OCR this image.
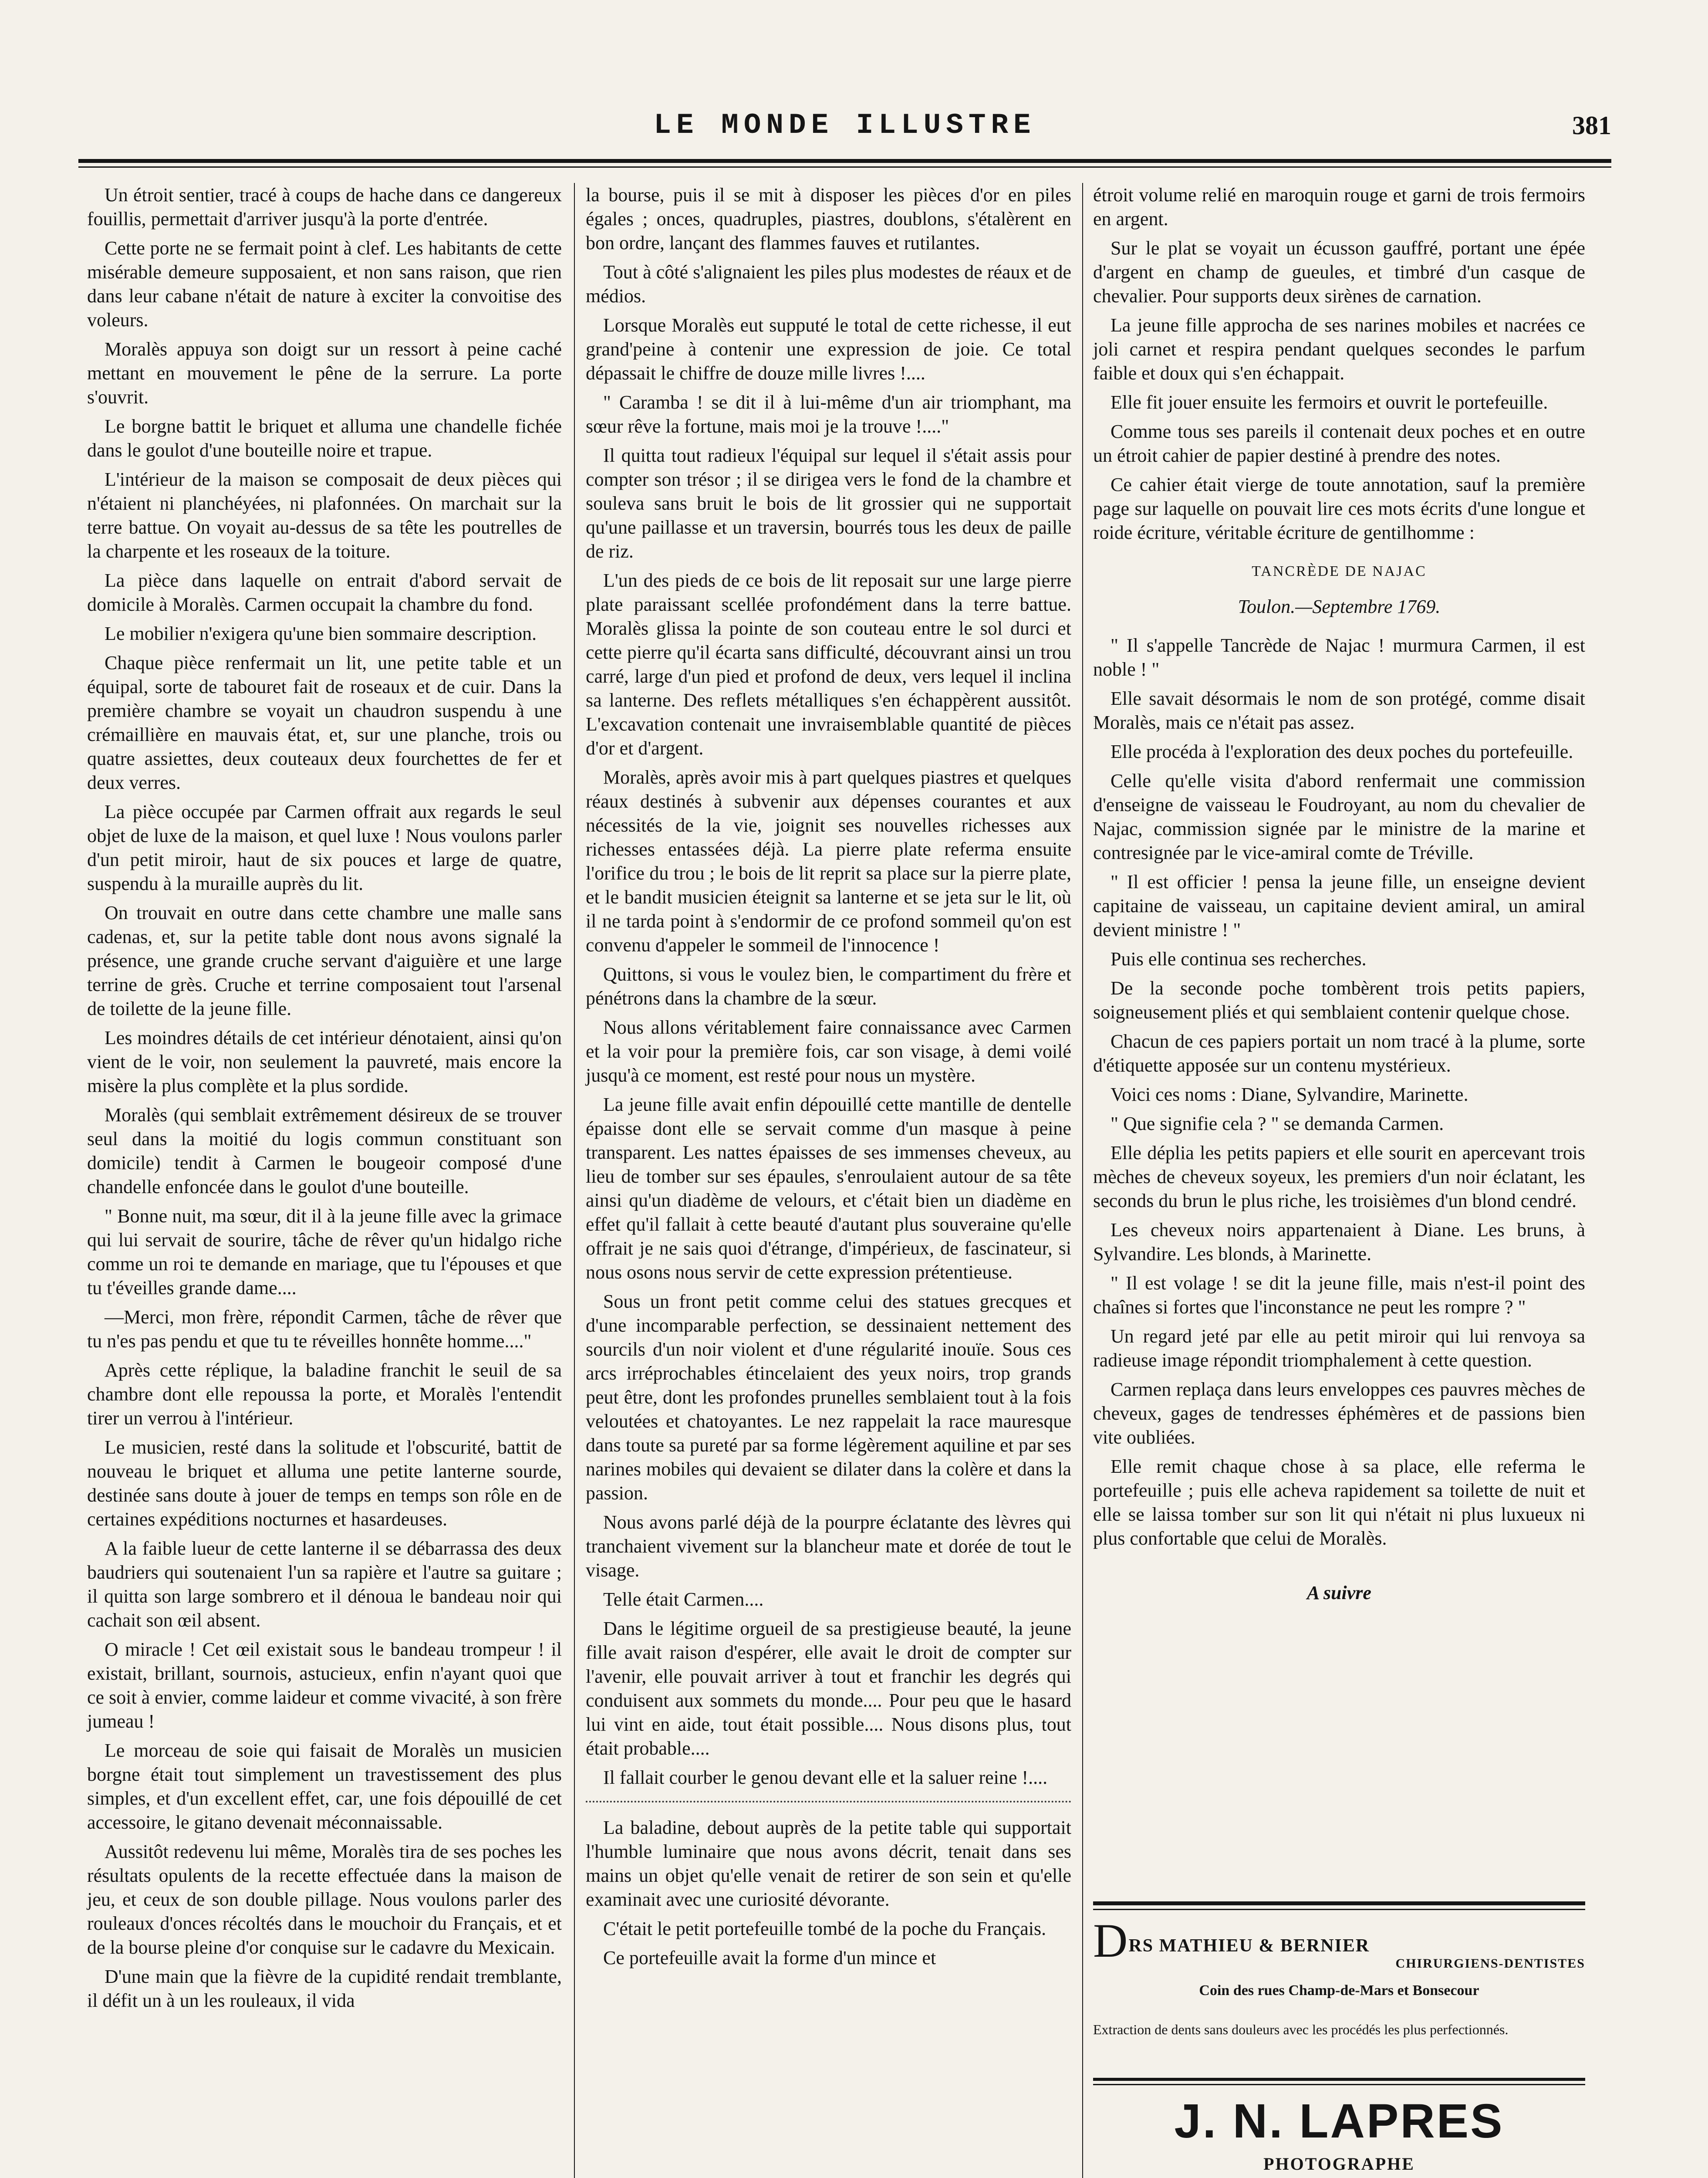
LE MONDE ILLUSTRE	381

Un étroit sentier, tracé à coups de hache dans ce dangereux fouillis, permettait d'arriver jusqu'à la porte d'entrée.

Cette porte ne se fermait point à clef. Les habitants de cette misérable demeure supposaient, et non sans raison, que rien dans leur cabane n'était de nature à exciter la convoitise des voleurs.

Moralès appuya son doigt sur un ressort à peine caché mettant en mouvement le pêne de la serrure. La porte s'ouvrit.

Le borgne battit le briquet et alluma une chandelle fichée dans le goulot d'une bouteille noire et trapue.

L'intérieur de la maison se composait de deux pièces qui n'étaient ni planchéyées, ni plafonnées. On marchait sur la terre battue. On voyait au-dessus de sa tête les poutrelles de la charpente et les roseaux de la toiture.

La pièce dans laquelle on entrait d'abord servait de domicile à Moralès. Carmen occupait la chambre du fond.

Le mobilier n'exigera qu'une bien sommaire description.

Chaque pièce renfermait un lit, une petite table et un équipal, sorte de tabouret fait de roseaux et de cuir. Dans la première chambre se voyait un chaudron suspendu à une crémaillière en mauvais état, et, sur une planche, trois ou quatre assiettes, deux couteaux deux fourchettes de fer et deux verres.

La pièce occupée par Carmen offrait aux regards le seul objet de luxe de la maison, et quel luxe ! Nous voulons parler d'un petit miroir, haut de six pouces et large de quatre, suspendu à la muraille auprès du lit.

On trouvait en outre dans cette chambre une malle sans cadenas, et, sur la petite table dont nous avons signalé la présence, une grande cruche servant d'aiguière et une large terrine de grès. Cruche et terrine composaient tout l'arsenal de toilette de la jeune fille.

Les moindres détails de cet intérieur dénotaient, ainsi qu'on vient de le voir, non seulement la pauvreté, mais encore la misère la plus complète et la plus sordide.

Moralès (qui semblait extrêmement désireux de se trouver seul dans la moitié du logis commun constituant son domicile) tendit à Carmen le bougeoir composé d'une chandelle enfoncée dans le goulot d'une bouteille.

" Bonne nuit, ma sœur, dit il à la jeune fille avec la grimace qui lui servait de sourire, tâche de rêver qu'un hidalgo riche comme un roi te demande en mariage, que tu l'épouses et que tu t'éveilles grande dame....

—Merci, mon frère, répondit Carmen, tâche de rêver que tu n'es pas pendu et que tu te réveilles honnête homme...."

Après cette réplique, la baladine franchit le seuil de sa chambre dont elle repoussa la porte, et Moralès l'entendit tirer un verrou à l'intérieur.

Le musicien, resté dans la solitude et l'obscurité, battit de nouveau le briquet et alluma une petite lanterne sourde, destinée sans doute à jouer de temps en temps son rôle en de certaines expéditions nocturnes et hasardeuses.

A la faible lueur de cette lanterne il se débarrassa des deux baudriers qui soutenaient l'un sa rapière et l'autre sa guitare ; il quitta son large sombrero et il dénoua le bandeau noir qui cachait son œil absent.

O miracle ! Cet œil existait sous le bandeau trompeur ! il existait, brillant, sournois, astucieux, enfin n'ayant quoi que ce soit à envier, comme laideur et comme vivacité, à son frère jumeau !

Le morceau de soie qui faisait de Moralès un musicien borgne était tout simplement un travestissement des plus simples, et d'un excellent effet, car, une fois dépouillé de cet accessoire, le gitano devenait méconnaissable.

Aussitôt redevenu lui même, Moralès tira de ses poches les résultats opulents de la recette effectuée dans la maison de jeu, et ceux de son double pillage. Nous voulons parler des rouleaux d'onces récoltés dans le mouchoir du Français, et et de la bourse pleine d'or conquise sur le cadavre du Mexicain.

D'une main que la fièvre de la cupidité rendait tremblante, il défit un à un les rouleaux, il vida

la bourse, puis il se mit à disposer les pièces d'or en piles égales ; onces, quadruples, piastres, doublons, s'étalèrent en bon ordre, lançant des flammes fauves et rutilantes.

Tout à côté s'alignaient les piles plus modestes de réaux et de médios.

Lorsque Moralès eut supputé le total de cette richesse, il eut grand'peine à contenir une expression de joie. Ce total dépassait le chiffre de douze mille livres !....

" Caramba ! se dit il à lui-même d'un air triomphant, ma sœur rêve la fortune, mais moi je la trouve !...."

Il quitta tout radieux l'équipal sur lequel il s'était assis pour compter son trésor ; il se dirigea vers le fond de la chambre et souleva sans bruit le bois de lit grossier qui ne supportait qu'une paillasse et un traversin, bourrés tous les deux de paille de riz.

L'un des pieds de ce bois de lit reposait sur une large pierre plate paraissant scellée profondément dans la terre battue. Moralès glissa la pointe de son couteau entre le sol durci et cette pierre qu'il écarta sans difficulté, découvrant ainsi un trou carré, large d'un pied et profond de deux, vers lequel il inclina sa lanterne. Des reflets métalliques s'en échappèrent aussitôt. L'excavation contenait une invraisemblable quantité de pièces d'or et d'argent.

Moralès, après avoir mis à part quelques piastres et quelques réaux destinés à subvenir aux dépenses courantes et aux nécessités de la vie, joignit ses nouvelles richesses aux richesses entassées déjà. La pierre plate referma ensuite l'orifice du trou ; le bois de lit reprit sa place sur la pierre plate, et le bandit musicien éteignit sa lanterne et se jeta sur le lit, où il ne tarda point à s'endormir de ce profond sommeil qu'on est convenu d'appeler le sommeil de l'innocence !

Quittons, si vous le voulez bien, le compartiment du frère et pénétrons dans la chambre de la sœur.

Nous allons véritablement faire connaissance avec Carmen et la voir pour la première fois, car son visage, à demi voilé jusqu'à ce moment, est resté pour nous un mystère.

La jeune fille avait enfin dépouillé cette mantille de dentelle épaisse dont elle se servait comme d'un masque à peine transparent. Les nattes épaisses de ses immenses cheveux, au lieu de tomber sur ses épaules, s'enroulaient autour de sa tête ainsi qu'un diadème de velours, et c'était bien un diadème en effet qu'il fallait à cette beauté d'autant plus souveraine qu'elle offrait je ne sais quoi d'étrange, d'impérieux, de fascinateur, si nous osons nous servir de cette expression prétentieuse.

Sous un front petit comme celui des statues grecques et d'une incomparable perfection, se dessinaient nettement des sourcils d'un noir violent et d'une régularité inouïe. Sous ces arcs irréprochables étincelaient des yeux noirs, trop grands peut être, dont les profondes prunelles semblaient tout à la fois veloutées et chatoyantes. Le nez rappelait la race mauresque dans toute sa pureté par sa forme légèrement aquiline et par ses narines mobiles qui devaient se dilater dans la colère et dans la passion.

Nous avons parlé déjà de la pourpre éclatante des lèvres qui tranchaient vivement sur la blancheur mate et dorée de tout le visage.

Telle était Carmen....

Dans le légitime orgueil de sa prestigieuse beauté, la jeune fille avait raison d'espérer, elle avait le droit de compter sur l'avenir, elle pouvait arriver à tout et franchir les degrés qui conduisent aux sommets du monde.... Pour peu que le hasard lui vint en aide, tout était possible.... Nous disons plus, tout était probable....

Il fallait courber le genou devant elle et la saluer reine !....

La baladine, debout auprès de la petite table qui supportait l'humble luminaire que nous avons décrit, tenait dans ses mains un objet qu'elle venait de retirer de son sein et qu'elle examinait avec une curiosité dévorante.

C'était le petit portefeuille tombé de la poche du Français.

Ce portefeuille avait la forme d'un mince et

étroit volume relié en maroquin rouge et garni de trois fermoirs en argent.

Sur le plat se voyait un écusson gauffré, portant une épée d'argent en champ de gueules, et timbré d'un casque de chevalier. Pour supports deux sirènes de carnation.

La jeune fille approcha de ses narines mobiles et nacrées ce joli carnet et respira pendant quelques secondes le parfum faible et doux qui s'en échappait.

Elle fit jouer ensuite les fermoirs et ouvrit le portefeuille.

Comme tous ses pareils il contenait deux poches et en outre un étroit cahier de papier destiné à prendre des notes.

Ce cahier était vierge de toute annotation, sauf la première page sur laquelle on pouvait lire ces mots écrits d'une longue et roide écriture, véritable écriture de gentilhomme :

TANCRÈDE DE NAJAC

Toulon.—Septembre 1769.

" Il s'appelle Tancrède de Najac ! murmura Carmen, il est noble ! "

Elle savait désormais le nom de son protégé, comme disait Moralès, mais ce n'était pas assez.

Elle procéda à l'exploration des deux poches du portefeuille.

Celle qu'elle visita d'abord renfermait une commission d'enseigne de vaisseau le Foudroyant, au nom du chevalier de Najac, commission signée par le ministre de la marine et contresignée par le vice-amiral comte de Tréville.

" Il est officier ! pensa la jeune fille, un enseigne devient capitaine de vaisseau, un capitaine devient amiral, un amiral devient ministre ! "

Puis elle continua ses recherches.

De la seconde poche tombèrent trois petits papiers, soigneusement pliés et qui semblaient contenir quelque chose.

Chacun de ces papiers portait un nom tracé à la plume, sorte d'étiquette apposée sur un contenu mystérieux.

Voici ces noms : Diane, Sylvandire, Marinette.

" Que signifie cela ? " se demanda Carmen.

Elle déplia les petits papiers et elle sourit en apercevant trois mèches de cheveux soyeux, les premiers d'un noir éclatant, les seconds du brun le plus riche, les troisièmes d'un blond cendré.

Les cheveux noirs appartenaient à Diane. Les bruns, à Sylvandire. Les blonds, à Marinette.

" Il est volage ! se dit la jeune fille, mais n'est-il point des chaînes si fortes que l'inconstance ne peut les rompre ? "

Un regard jeté par elle au petit miroir qui lui renvoya sa radieuse image répondit triomphalement à cette question.

Carmen replaça dans leurs enveloppes ces pauvres mèches de cheveux, gages de tendresses éphémères et de passions bien vite oubliées.

Elle remit chaque chose à sa place, elle referma le portefeuille ; puis elle acheva rapidement sa toilette de nuit et elle se laissa tomber sur son lit qui n'était ni plus luxueux ni plus confortable que celui de Moralès.

A suivre

DRS MATHIEU & BERNIER
CHIRURGIENS-DENTISTES
Coin des rues Champ-de-Mars et Bonsecour
Extraction de dents sans douleurs avec les procédés les plus perfectionnés.
J. N. LAPRES
PHOTOGRAPHE
